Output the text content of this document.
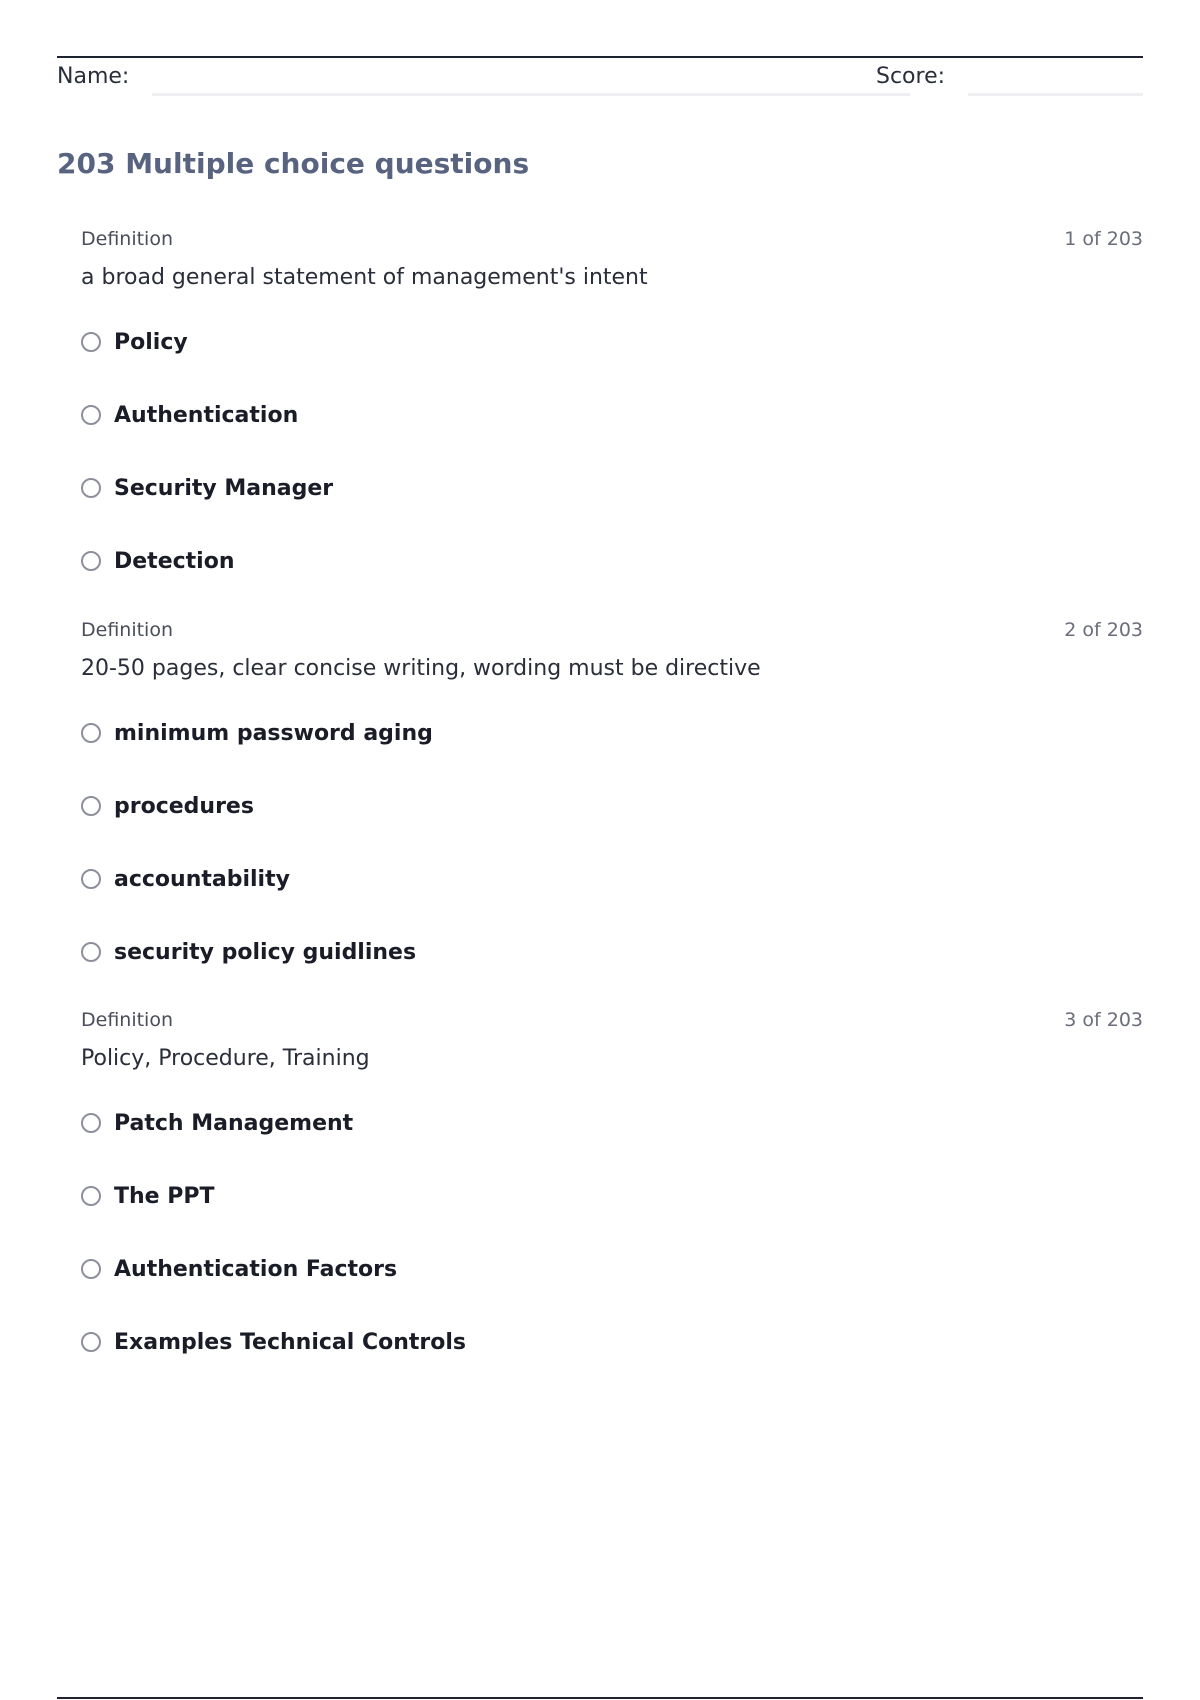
Name:	Score:
203 Multiple choice questions
Definition	1 of 203
a broad general statement of management's intent
Policy
Authentication
Security Manager
Detection
Definition	2 of 203
20-50 pages, clear concise writing, wording must be directive
minimum password aging
procedures
accountability
security policy guidlines
Definition	3 of 203
Policy, Procedure, Training
Patch Management
The PPT
Authentication Factors
Examples Technical Controls
